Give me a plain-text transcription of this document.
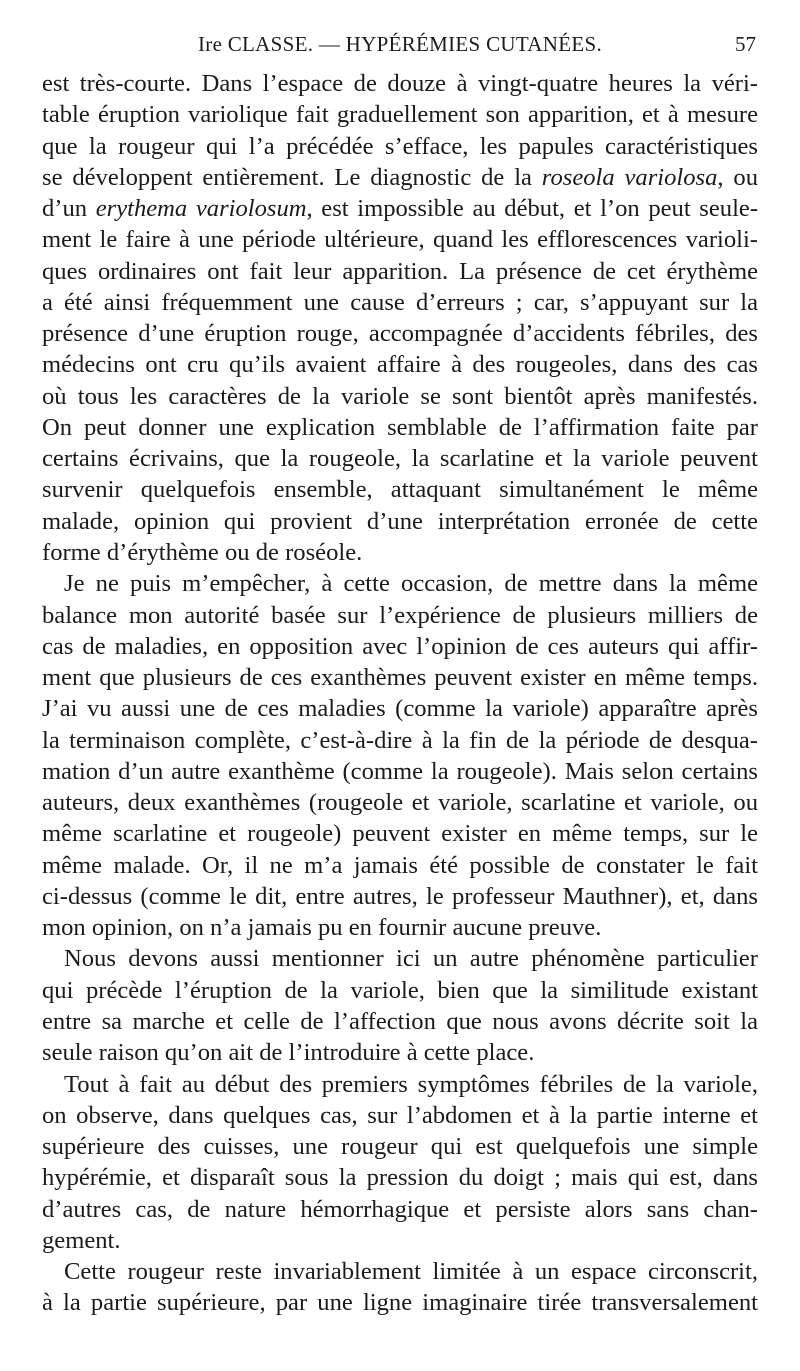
Ire CLASSE. — HYPÉRÉMIES CUTANÉES.	57
est très-courte. Dans l’espace de douze à vingt-quatre heures la véri-
table éruption variolique fait graduellement son apparition, et à mesure
que la rougeur qui l’a précédée s’efface, les papules caractéristiques
se développent entièrement. Le diagnostic de la roseola variolosa, ou
d’un erythema variolosum, est impossible au début, et l’on peut seule-
ment le faire à une période ultérieure, quand les efflorescences varioli-
ques ordinaires ont fait leur apparition. La présence de cet érythème
a été ainsi fréquemment une cause d’erreurs ; car, s’appuyant sur la
présence d’une éruption rouge, accompagnée d’accidents fébriles, des
médecins ont cru qu’ils avaient affaire à des rougeoles, dans des cas
où tous les caractères de la variole se sont bientôt après manifestés.
On peut donner une explication semblable de l’affirmation faite par
certains écrivains, que la rougeole, la scarlatine et la variole peuvent
survenir quelquefois ensemble, attaquant simultanément le même
malade, opinion qui provient d’une interprétation erronée de cette
forme d’érythème ou de roséole.
Je ne puis m’empêcher, à cette occasion, de mettre dans la même
balance mon autorité basée sur l’expérience de plusieurs milliers de
cas de maladies, en opposition avec l’opinion de ces auteurs qui affir-
ment que plusieurs de ces exanthèmes peuvent exister en même temps.
J’ai vu aussi une de ces maladies (comme la variole) apparaître après
la terminaison complète, c’est-à-dire à la fin de la période de desqua-
mation d’un autre exanthème (comme la rougeole). Mais selon certains
auteurs, deux exanthèmes (rougeole et variole, scarlatine et variole, ou
même scarlatine et rougeole) peuvent exister en même temps, sur le
même malade. Or, il ne m’a jamais été possible de constater le fait
ci-dessus (comme le dit, entre autres, le professeur Mauthner), et, dans
mon opinion, on n’a jamais pu en fournir aucune preuve.
Nous devons aussi mentionner ici un autre phénomène particulier
qui précède l’éruption de la variole, bien que la similitude existant
entre sa marche et celle de l’affection que nous avons décrite soit la
seule raison qu’on ait de l’introduire à cette place.
Tout à fait au début des premiers symptômes fébriles de la variole,
on observe, dans quelques cas, sur l’abdomen et à la partie interne et
supérieure des cuisses, une rougeur qui est quelquefois une simple
hypérémie, et disparaît sous la pression du doigt ; mais qui est, dans
d’autres cas, de nature hémorrhagique et persiste alors sans chan-
gement.
Cette rougeur reste invariablement limitée à un espace circonscrit,
à la partie supérieure, par une ligne imaginaire tirée transversalement
